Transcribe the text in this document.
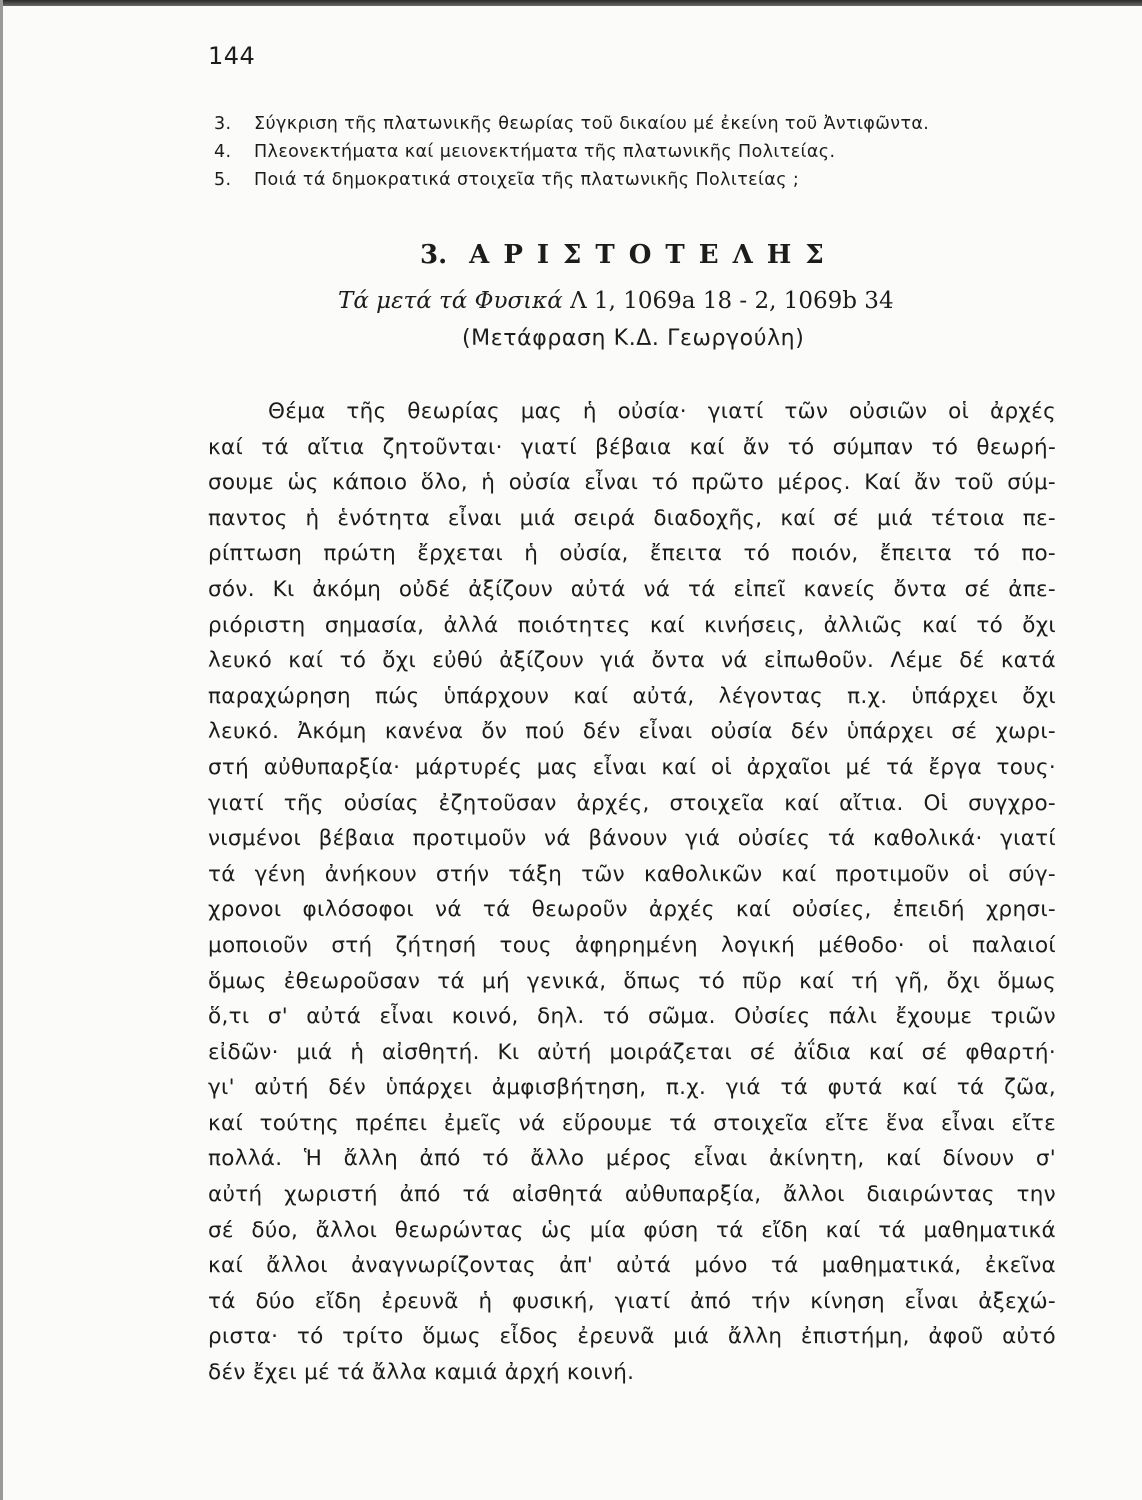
144
3.	Σύγκριση τῆς πλατωνικῆς θεωρίας τοῦ δικαίου μέ ἐκείνη τοῦ Ἀντιφῶντα.
4.	Πλεονεκτήματα καί μειονεκτήματα τῆς πλατωνικῆς Πολιτείας.
5.	Ποιά τά δημοκρατικά στοιχεῖα τῆς πλατωνικῆς Πολιτείας ;
3. ΑΡΙΣΤΟΤΕΛΗΣ
Τά μετά τά Φυσικά Λ 1, 1069a 18 - 2, 1069b 34
(Μετάφραση Κ.Δ. Γεωργούλη)
Θέμα τῆς θεωρίας μας ἡ οὐσία· γιατί τῶν οὐσιῶν οἱ ἀρχές
καί τά αἴτια ζητοῦνται· γιατί βέβαια καί ἄν τό σύμπαν τό θεωρή-
σουμε ὡς κάποιο ὅλο, ἡ οὐσία εἶναι τό πρῶτο μέρος. Καί ἄν τοῦ σύμ-
παντος ἡ ἑνότητα εἶναι μιά σειρά διαδοχῆς, καί σέ μιά τέτοια πε-
ρίπτωση πρώτη ἔρχεται ἡ οὐσία, ἔπειτα τό ποιόν, ἔπειτα τό πο-
σόν. Κι ἀκόμη οὐδέ ἀξίζουν αὐτά νά τά εἰπεῖ κανείς ὄντα σέ ἀπε-
ριόριστη σημασία, ἀλλά ποιότητες καί κινήσεις, ἀλλιῶς καί τό ὄχι
λευκό καί τό ὄχι εὐθύ ἀξίζουν γιά ὄντα νά εἰπωθοῦν. Λέμε δέ κατά
παραχώρηση πώς ὑπάρχουν καί αὐτά, λέγοντας π.χ. ὑπάρχει ὄχι
λευκό. Ἀκόμη κανένα ὄν πού δέν εἶναι οὐσία δέν ὑπάρχει σέ χωρι-
στή αὐθυπαρξία· μάρτυρές μας εἶναι καί οἱ ἀρχαῖοι μέ τά ἔργα τους·
γιατί τῆς οὐσίας ἐζητοῦσαν ἀρχές, στοιχεῖα καί αἴτια. Οἱ συγχρο-
νισμένοι βέβαια προτιμοῦν νά βάνουν γιά οὐσίες τά καθολικά· γιατί
τά γένη ἀνήκουν στήν τάξη τῶν καθολικῶν καί προτιμοῦν οἱ σύγ-
χρονοι φιλόσοφοι νά τά θεωροῦν ἀρχές καί οὐσίες, ἐπειδή χρησι-
μοποιοῦν στή ζήτησή τους ἀφηρημένη λογική μέθοδο· οἱ παλαιοί
ὅμως ἐθεωροῦσαν τά μή γενικά, ὅπως τό πῦρ καί τή γῆ, ὄχι ὅμως
ὅ,τι σ' αὐτά εἶναι κοινό, δηλ. τό σῶμα. Οὐσίες πάλι ἔχουμε τριῶν
εἰδῶν· μιά ἡ αἰσθητή. Κι αὐτή μοιράζεται σέ ἀΐδια καί σέ φθαρτή·
γι' αὐτή δέν ὑπάρχει ἀμφισβήτηση, π.χ. γιά τά φυτά καί τά ζῶα,
καί τούτης πρέπει ἐμεῖς νά εὕρουμε τά στοιχεῖα εἴτε ἕνα εἶναι εἴτε
πολλά. Ἡ ἄλλη ἀπό τό ἄλλο μέρος εἶναι ἀκίνητη, καί δίνουν σ'
αὐτή χωριστή ἀπό τά αἰσθητά αὐθυπαρξία, ἄλλοι διαιρώντας την
σέ δύο, ἄλλοι θεωρώντας ὡς μία φύση τά εἴδη καί τά μαθηματικά
καί ἄλλοι ἀναγνωρίζοντας ἀπ' αὐτά μόνο τά μαθηματικά, ἐκεῖνα
τά δύο εἴδη ἐρευνᾶ ἡ φυσική, γιατί ἀπό τήν κίνηση εἶναι ἀξεχώ-
ριστα· τό τρίτο ὅμως εἶδος ἐρευνᾶ μιά ἄλλη ἐπιστήμη, ἀφοῦ αὐτό
δέν ἔχει μέ τά ἄλλα καμιά ἀρχή κοινή.
